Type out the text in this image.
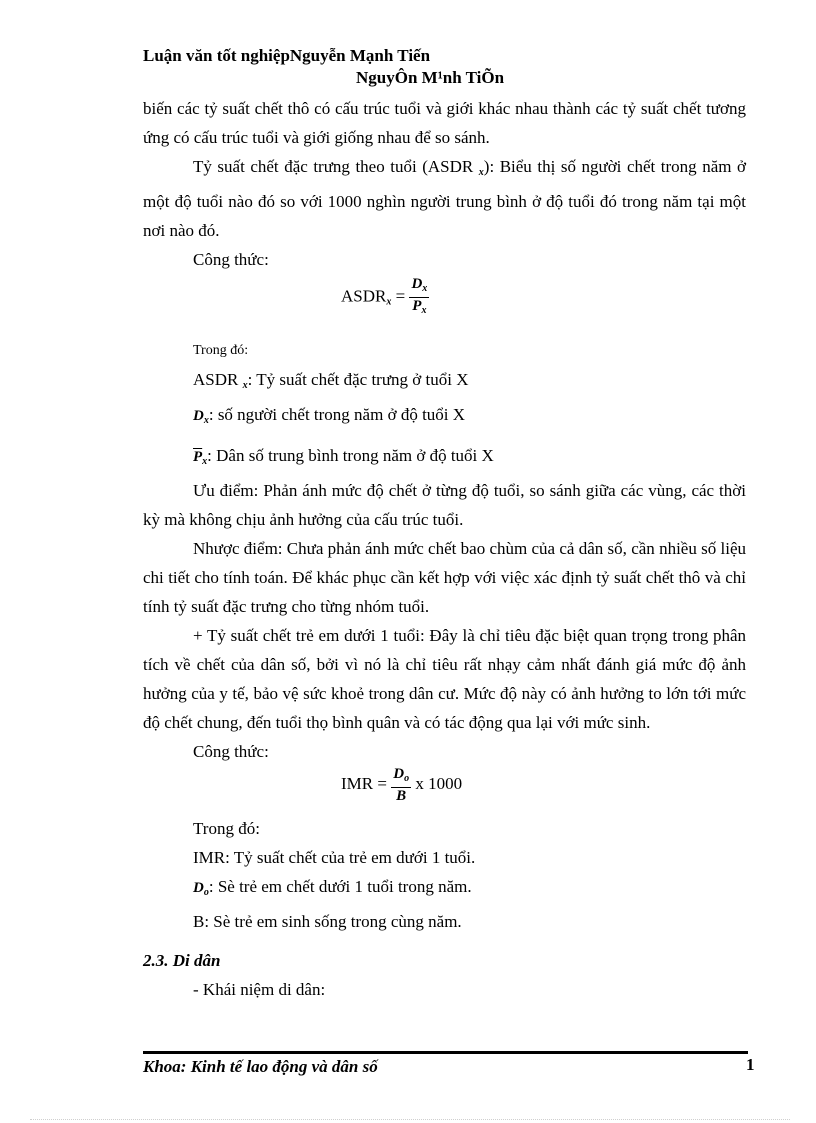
Luận văn tốt nghiệpNguyễn Mạnh Tiến
NguyÔn M¹nh TiÕn

biến các tỷ suất chết thô có cấu trúc tuổi và giới khác nhau thành các tỷ suất chết tương ứng có cấu trúc tuổi và giới giống nhau để so sánh.

Tỷ suất chết đặc trưng theo tuổi (ASDR $_x$): Biểu thị số người chết trong năm ở một độ tuổi nào đó so với 1000 nghìn người trung bình ở độ tuổi đó trong năm tại một nơi nào đó.

Công thức:

$ASDR_x = \frac{D_x}{\overline{P}_x}$

Trong đó:

ASDR $_x$: Tỷ suất chết đặc trưng ở tuổi X

$D_x$: số người chết trong năm ở độ tuổi X

$\overline{P}_x$: Dân số trung bình trong năm ở độ tuổi X

Ưu điểm: Phản ánh mức độ chết ở từng độ tuổi, so sánh giữa các vùng, các thời kỳ mà không chịu ảnh hưởng của cấu trúc tuổi.

Nhược điểm: Chưa phản ánh mức chết bao chùm của cả dân số, cần nhiều số liệu chi tiết cho tính toán. Để khác phục cần kết hợp với việc xác định tỷ suất chết thô và chỉ tính tỷ suất đặc trưng cho từng nhóm tuổi.

+ Tỷ suất chết trẻ em dưới 1 tuổi: Đây là chỉ tiêu đặc biệt quan trọng trong phân tích về chết của dân số, bởi vì nó là chỉ tiêu rất nhạy cảm nhất đánh giá mức độ ảnh hưởng của y tế, bảo vệ sức khoẻ trong dân cư. Mức độ này có ảnh hưởng to lớn tới mức độ chết chung, đến tuổi thọ bình quân và có tác động qua lại với mức sinh.

Công thức:

IMR = $\frac{D_o}{B}$ x 1000

Trong đó:

IMR: Tỷ suất chết của trẻ em dưới 1 tuổi.

$D_o$: Sè trẻ em chết dưới 1 tuổi trong năm.

B: Sè trẻ em sinh sống trong cùng năm.

2.3. Di dân

- Khái niệm di dân:

Khoa: Kinh tế lao động và dân số	1
